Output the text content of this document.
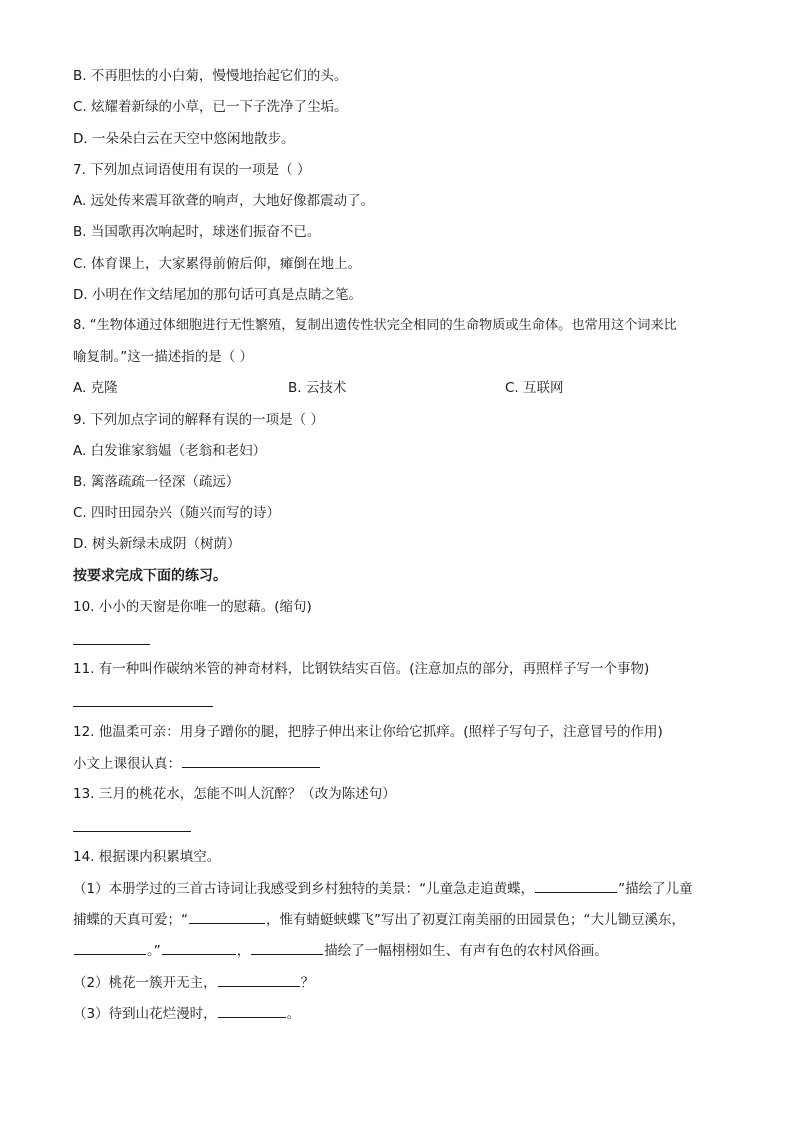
B. 不再胆怯的小白菊，慢慢地抬起它们的头。
C. 炫耀着新绿的小草，已一下子洗净了尘垢。
D. 一朵朵白云在天空中悠闲地散步。
7. 下列加点词语使用有误的一项是（ ）
A. 远处传来震耳欲聋的响声，大地好像都震动了。
B. 当国歌再次响起时，球迷们振奋不已。
C. 体育课上，大家累得前俯后仰，瘫倒在地上。
D. 小明在作文结尾加的那句话可真是点睛之笔。
8. “生物体通过体细胞进行无性繁殖，复制出遗传性状完全相同的生命物质或生命体。也常用这个词来比
喻复制。”这一描述指的是（ ）
A. 克隆	B. 云技术	C. 互联网
9. 下列加点字词的解释有误的一项是（ ）
A. 白发谁家翁媪（老翁和老妇）
B. 篱落疏疏一径深（疏远）
C. 四时田园杂兴（随兴而写的诗）
D. 树头新绿未成阴（树荫）
按要求完成下面的练习。
10. 小小的天窗是你唯一的慰藉。(缩句)
11. 有一种叫作碳纳米管的神奇材料，比钢铁结实百倍。(注意加点的部分，再照样子写一个事物)
12. 他温柔可亲：用身子蹭你的腿，把脖子伸出来让你给它抓痒。(照样子写句子，注意冒号的作用)
小文上课很认真：
13. 三月的桃花水，怎能不叫人沉醉？（改为陈述句）
14. 根据课内积累填空。
（1）本册学过的三首古诗词让我感受到乡村独特的美景：“儿童急走追黄蝶，	”描绘了儿童
捕蝶的天真可爱；“	，惟有蜻蜓蛱蝶飞”写出了初夏江南美丽的田园景色；“大儿锄豆溪东，
。”	，	描绘了一幅栩栩如生、有声有色的农村风俗画。
（2）桃花一簇开无主，	？
（3）待到山花烂漫时，	。
